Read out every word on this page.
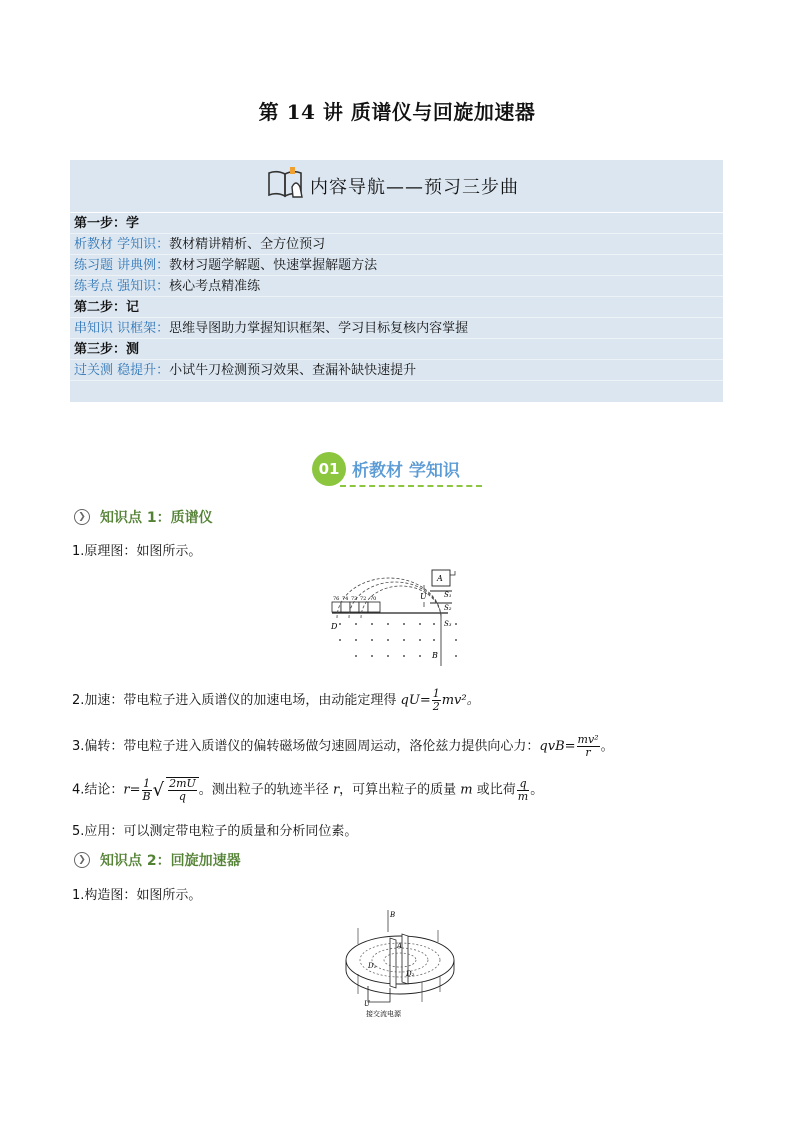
第 14 讲 质谱仪与回旋加速器
内容导航——预习三步曲
第一步：学
析教材 学知识：教材精讲精析、全方位预习
练习题 讲典例：教材习题学解题、快速掌握解题方法
练考点 强知识：核心考点精准练
第二步：记
串知识 识框架：思维导图助力掌握知识框架、学习目标复核内容掌握
第三步：测
过关测 稳提升：小试牛刀检测预习效果、查漏补缺快速提升
01 析教材 学知识
❯	知识点 1：质谱仪
1.原理图：如图所示。
76 74 73 72 70
A
U S₁
S₂
S₃
D
B
2.加速：带电粒子进入质谱仪的加速电场，由动能定理得 $qU= \frac{1}{2} mv^2$。
3.偏转：带电粒子进入质谱仪的偏转磁场做匀速圆周运动，洛伦兹力提供向心力：$qvB= \frac{\text{mv²}}{r}$ 。
4.结论：$r= \frac{1}{B}$ √ $\frac{2mU}{q}$ 。测出粒子的轨迹半径 r，可算出粒子的质量 m 或比荷 $\frac{q}{m}$ 。
5.应用：可以测定带电粒子的质量和分析同位素。
❯	知识点 2：回旋加速器
1.构造图：如图所示。
B
A
D₁
D₂
U
接交流电源
